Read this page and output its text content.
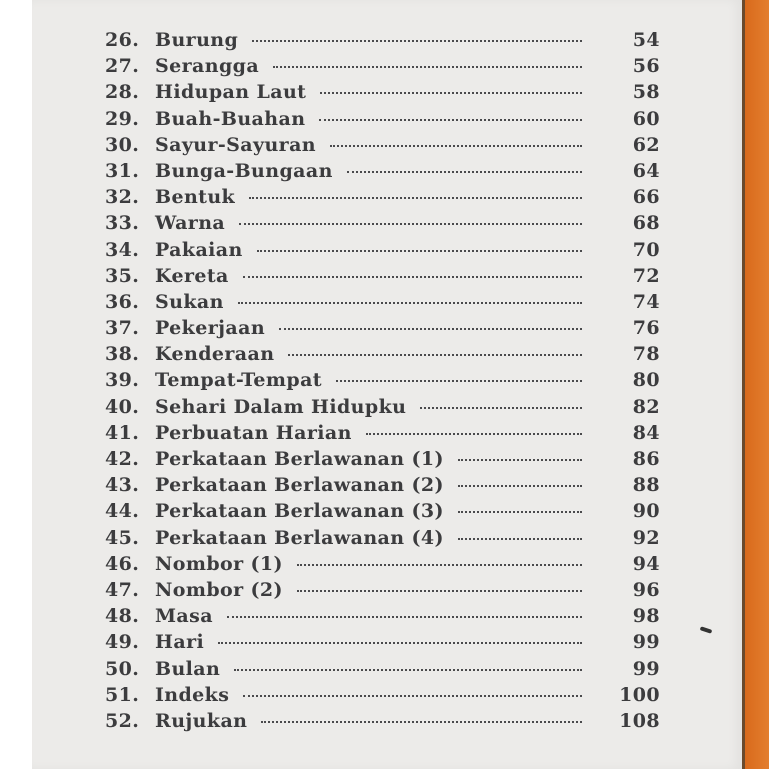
26. Burung	54
27. Serangga	56
28. Hidupan Laut	58
29. Buah-Buahan	60
30. Sayur-Sayuran	62
31. Bunga-Bungaan	64
32. Bentuk	66
33. Warna	68
34. Pakaian	70
35. Kereta	72
36. Sukan	74
37. Pekerjaan	76
38. Kenderaan	78
39. Tempat-Tempat	80
40. Sehari Dalam Hidupku	82
41. Perbuatan Harian	84
42. Perkataan Berlawanan (1)	86
43. Perkataan Berlawanan (2)	88
44. Perkataan Berlawanan (3)	90
45. Perkataan Berlawanan (4)	92
46. Nombor (1)	94
47. Nombor (2)	96
48. Masa	98
49. Hari	99
50. Bulan	99
51. Indeks	100
52. Rujukan	108
